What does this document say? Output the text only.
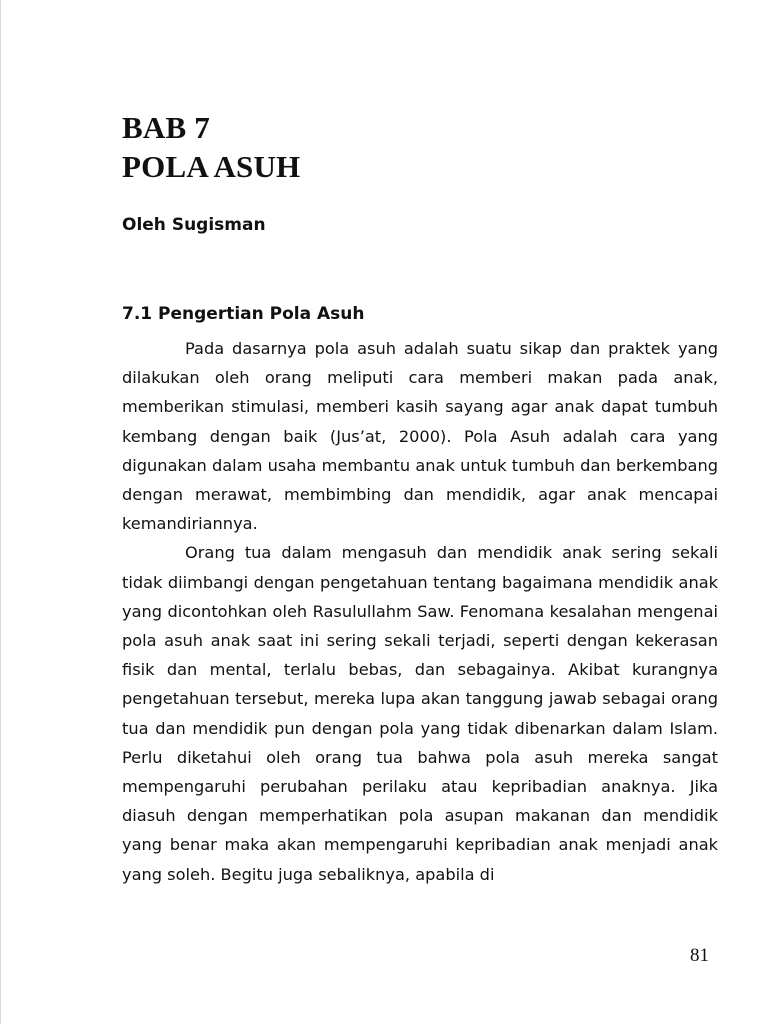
BAB 7
POLA ASUH
Oleh Sugisman
7.1 Pengertian Pola Asuh

Pada dasarnya pola asuh adalah suatu sikap dan praktek yang dilakukan oleh orang meliputi cara memberi makan pada anak, memberikan stimulasi, memberi kasih sayang agar anak dapat tumbuh kembang dengan baik (Jus’at, 2000). Pola Asuh adalah cara yang digunakan dalam usaha membantu anak untuk tumbuh dan berkembang dengan merawat, membimbing dan mendidik, agar anak mencapai kemandiriannya.

Orang tua dalam mengasuh dan mendidik anak sering sekali tidak diimbangi dengan pengetahuan tentang bagaimana mendidik anak yang dicontohkan oleh Rasulullahm Saw. Fenomana kesalahan mengenai pola asuh anak saat ini sering sekali terjadi, seperti dengan kekerasan fisik dan mental, terlalu bebas, dan sebagainya. Akibat kurangnya pengetahuan tersebut, mereka lupa akan tanggung jawab sebagai orang tua dan mendidik pun dengan pola yang tidak dibenarkan dalam Islam. Perlu diketahui oleh orang tua bahwa pola asuh mereka sangat mempengaruhi perubahan perilaku atau kepribadian anaknya. Jika diasuh dengan memperhatikan pola asupan makanan dan mendidik yang benar maka akan mempengaruhi kepribadian anak menjadi anak yang soleh. Begitu juga sebaliknya, apabila di

81
